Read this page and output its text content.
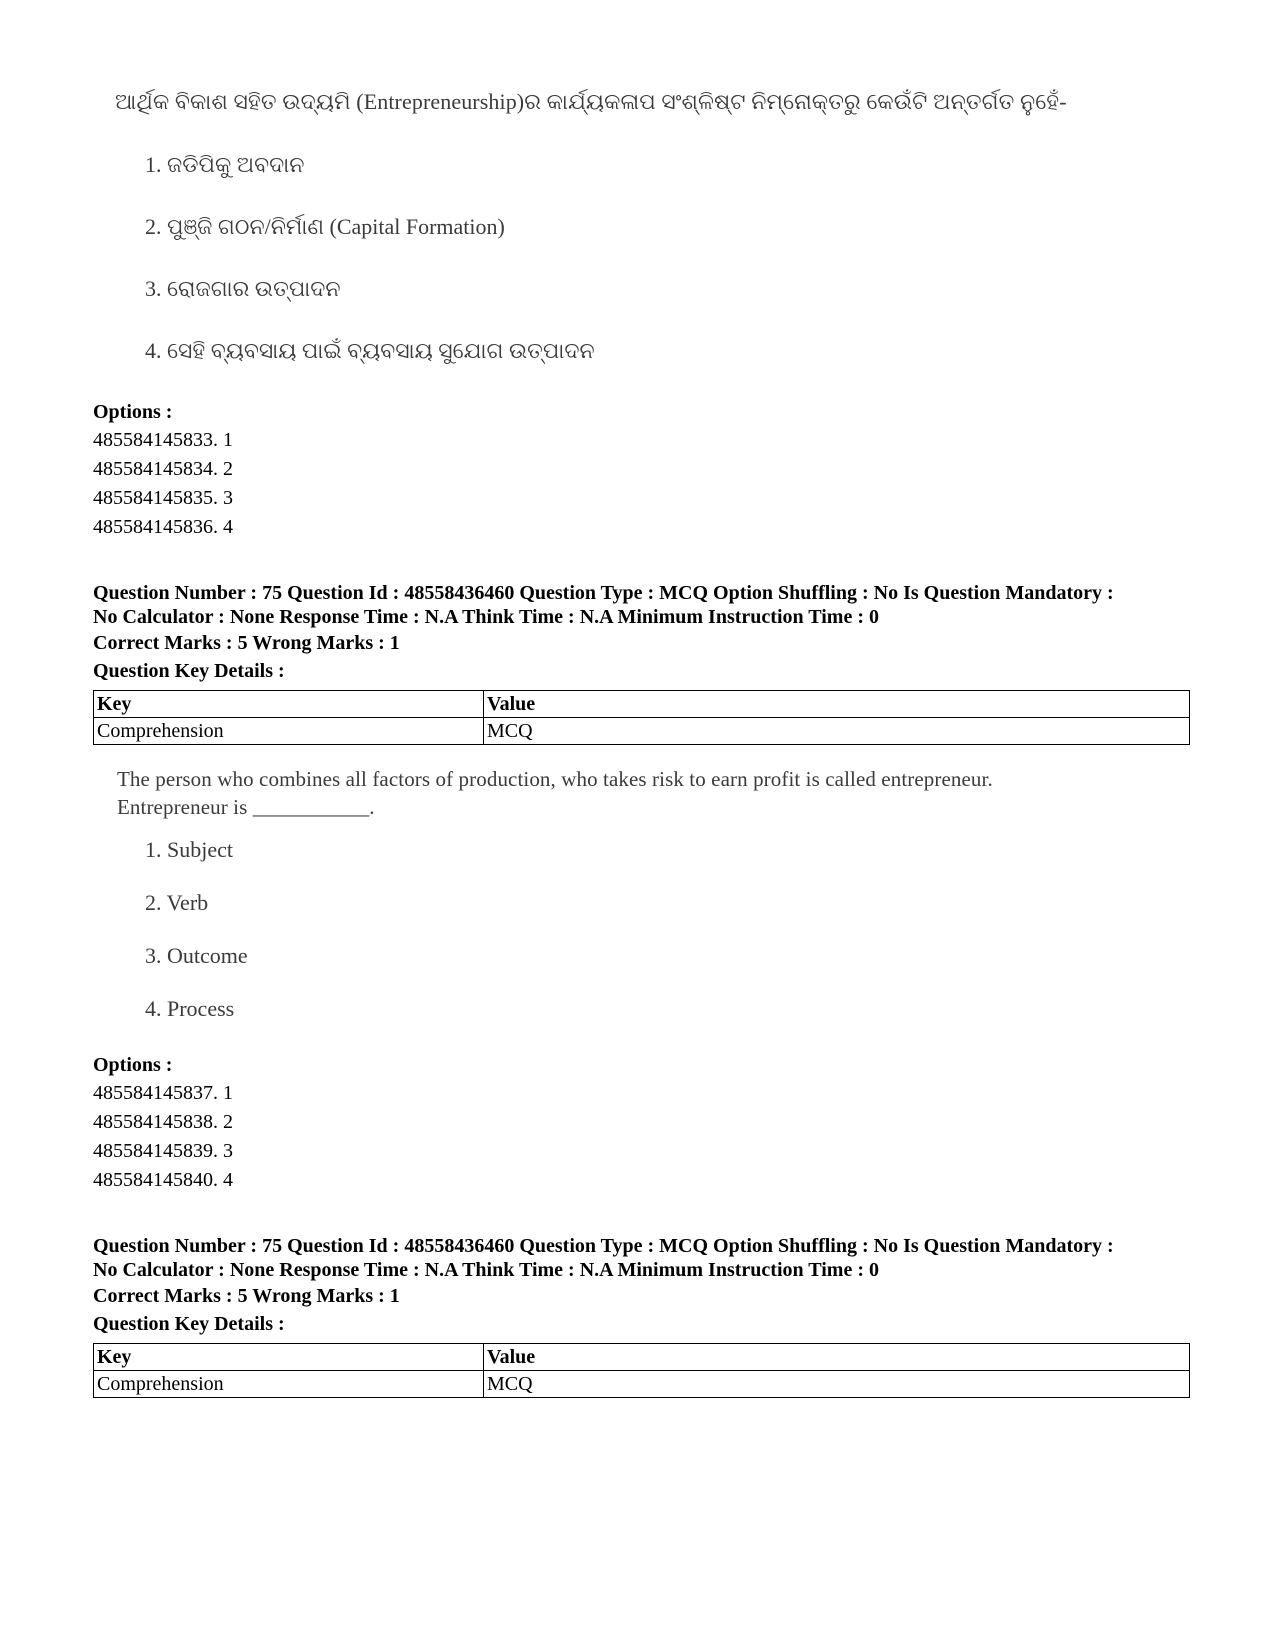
ଆର୍ଥିକ ବିକାଶ ସହିତ ଉଦ୍ୟମି (Entrepreneurship)ର କାର୍ଯ୍ୟକଳାପ ସଂଶ୍ଳିଷ୍ଟ ନିମ୍ନୋକ୍ତରୁ କେଉଁଟି ଅନ୍ତର୍ଗତ ନୁହେଁ-
1. ଜଡିପିକୁ ଅବଦାନ
2. ପୁଞ୍ଜି ଗଠନ/ନିର୍ମାଣ (Capital Formation)
3. ରୋଜଗାର ଉତ୍ପାଦନ
4. ସେହି ବ୍ୟବସାୟ ପାଇଁ ବ୍ୟବସାୟ ସୁଯୋଗ ଉତ୍ପାଦନ
Options :
485584145833. 1
485584145834. 2
485584145835. 3
485584145836. 4
Question Number : 75 Question Id : 48558436460 Question Type : MCQ Option Shuffling : No Is Question Mandatory :
No Calculator : None Response Time : N.A Think Time : N.A Minimum Instruction Time : 0
Correct Marks : 5 Wrong Marks : 1
Question Key Details :
Key	Value
Comprehension	MCQ
The person who combines all factors of production, who takes risk to earn profit is called entrepreneur.
Entrepreneur is ___________.
1. Subject
2. Verb
3. Outcome
4. Process
Options :
485584145837. 1
485584145838. 2
485584145839. 3
485584145840. 4
Question Number : 75 Question Id : 48558436460 Question Type : MCQ Option Shuffling : No Is Question Mandatory :
No Calculator : None Response Time : N.A Think Time : N.A Minimum Instruction Time : 0
Correct Marks : 5 Wrong Marks : 1
Question Key Details :
Key	Value
Comprehension	MCQ
